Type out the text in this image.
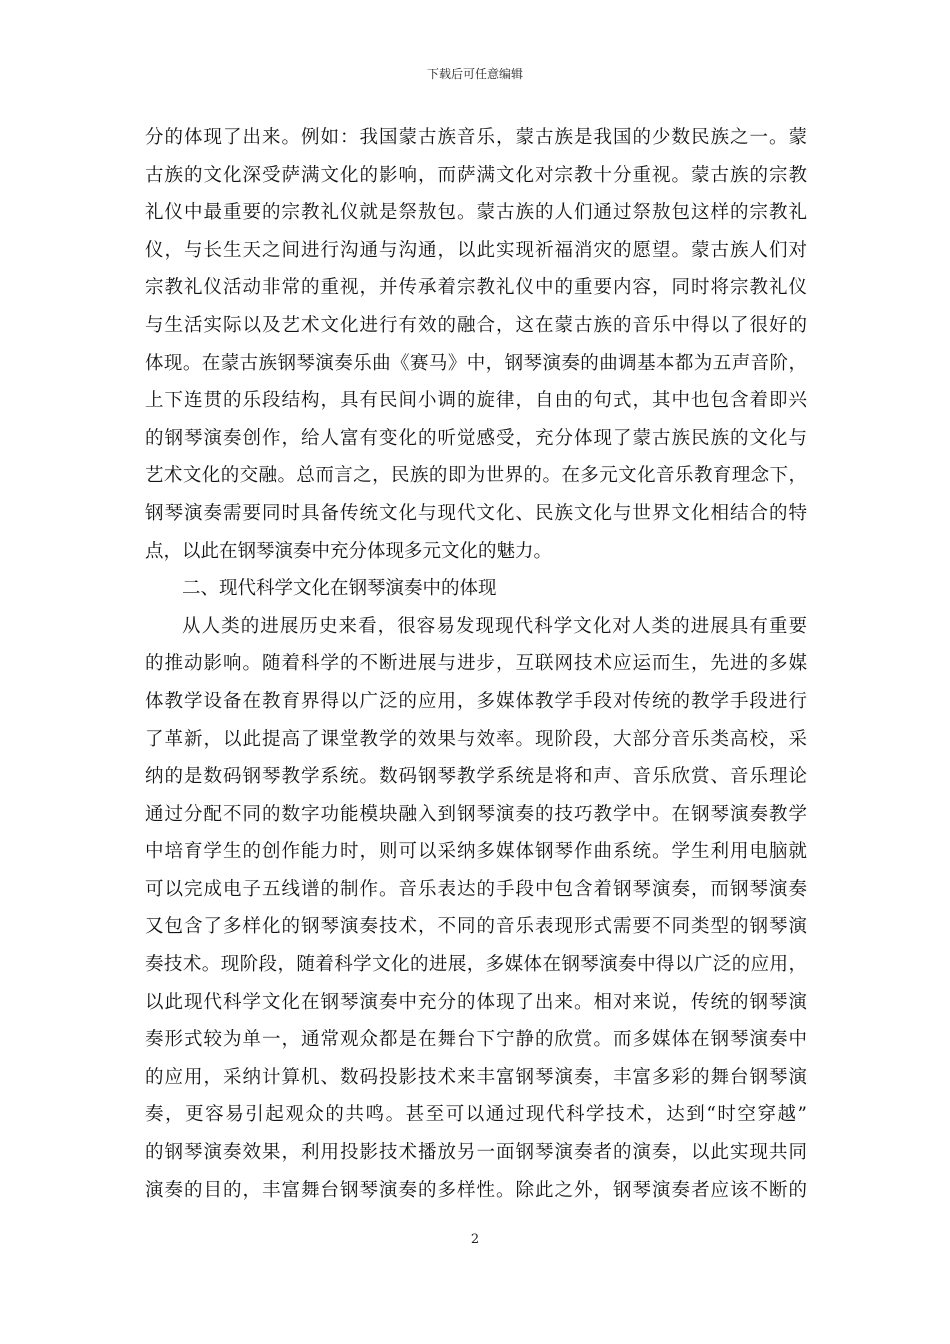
下载后可任意编辑
分的体现了出来。例如：我国蒙古族音乐，蒙古族是我国的少数民族之一。蒙
古族的文化深受萨满文化的影响，而萨满文化对宗教十分重视。蒙古族的宗教
礼仪中最重要的宗教礼仪就是祭敖包。蒙古族的人们通过祭敖包这样的宗教礼
仪，与长生天之间进行沟通与沟通，以此实现祈福消灾的愿望。蒙古族人们对
宗教礼仪活动非常的重视，并传承着宗教礼仪中的重要内容，同时将宗教礼仪
与生活实际以及艺术文化进行有效的融合，这在蒙古族的音乐中得以了很好的
体现。在蒙古族钢琴演奏乐曲《赛马》中，钢琴演奏的曲调基本都为五声音阶，
上下连贯的乐段结构，具有民间小调的旋律，自由的句式，其中也包含着即兴
的钢琴演奏创作，给人富有变化的听觉感受，充分体现了蒙古族民族的文化与
艺术文化的交融。总而言之，民族的即为世界的。在多元文化音乐教育理念下，
钢琴演奏需要同时具备传统文化与现代文化、民族文化与世界文化相结合的特
点，以此在钢琴演奏中充分体现多元文化的魅力。
二、现代科学文化在钢琴演奏中的体现
从人类的进展历史来看，很容易发现现代科学文化对人类的进展具有重要
的推动影响。随着科学的不断进展与进步，互联网技术应运而生，先进的多媒
体教学设备在教育界得以广泛的应用，多媒体教学手段对传统的教学手段进行
了革新，以此提高了课堂教学的效果与效率。现阶段，大部分音乐类高校，采
纳的是数码钢琴教学系统。数码钢琴教学系统是将和声、音乐欣赏、音乐理论
通过分配不同的数字功能模块融入到钢琴演奏的技巧教学中。在钢琴演奏教学
中培育学生的创作能力时，则可以采纳多媒体钢琴作曲系统。学生利用电脑就
可以完成电子五线谱的制作。音乐表达的手段中包含着钢琴演奏，而钢琴演奏
又包含了多样化的钢琴演奏技术，不同的音乐表现形式需要不同类型的钢琴演
奏技术。现阶段，随着科学文化的进展，多媒体在钢琴演奏中得以广泛的应用，
以此现代科学文化在钢琴演奏中充分的体现了出来。相对来说，传统的钢琴演
奏形式较为单一，通常观众都是在舞台下宁静的欣赏。而多媒体在钢琴演奏中
的应用，采纳计算机、数码投影技术来丰富钢琴演奏，丰富多彩的舞台钢琴演
奏，更容易引起观众的共鸣。甚至可以通过现代科学技术，达到“时空穿越”
的钢琴演奏效果，利用投影技术播放另一面钢琴演奏者的演奏，以此实现共同
演奏的目的，丰富舞台钢琴演奏的多样性。除此之外，钢琴演奏者应该不断的
2
